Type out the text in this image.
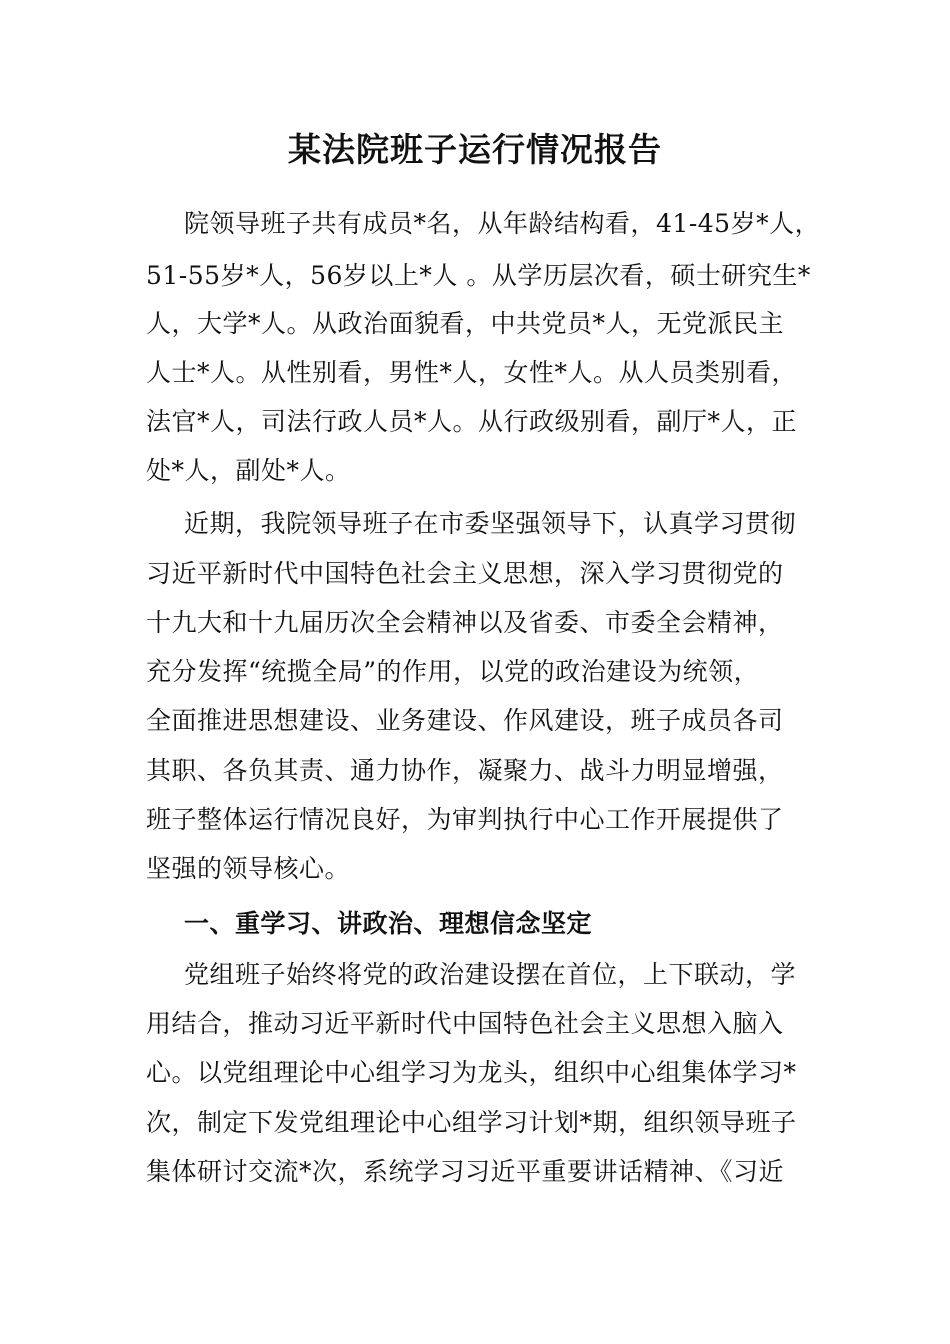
某法院班子运行情况报告
院领导班子共有成员*名，从年龄结构看，41-45岁*人，
51-55岁*人，56岁以上*人 。从学历层次看，硕士研究生*
人，大学*人。从政治面貌看，中共党员*人，无党派民主
人士*人。从性别看，男性*人，女性*人。从人员类别看，
法官*人，司法行政人员*人。从行政级别看，副厅*人，正
处*人，副处*人。
近期，我院领导班子在市委坚强领导下，认真学习贯彻
习近平新时代中国特色社会主义思想，深入学习贯彻党的
十九大和十九届历次全会精神以及省委、市委全会精神，
充分发挥“统揽全局”的作用，以党的政治建设为统领，
全面推进思想建设、业务建设、作风建设，班子成员各司
其职、各负其责、通力协作，凝聚力、战斗力明显增强，
班子整体运行情况良好，为审判执行中心工作开展提供了
坚强的领导核心。
一、重学习、讲政治、理想信念坚定
党组班子始终将党的政治建设摆在首位，上下联动，学
用结合，推动习近平新时代中国特色社会主义思想入脑入
心。以党组理论中心组学习为龙头，组织中心组集体学习*
次，制定下发党组理论中心组学习计划*期，组织领导班子
集体研讨交流*次，系统学习习近平重要讲话精神、《习近
